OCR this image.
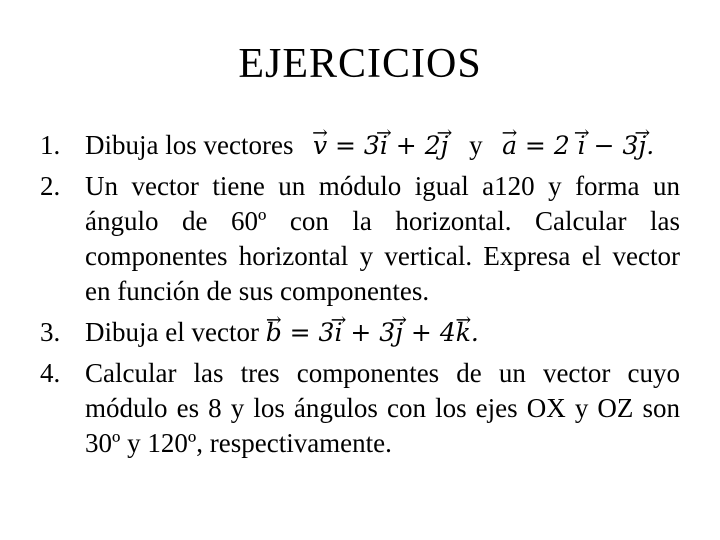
EJERCICIOS
1. Dibuja los vectores → v = 3→ i + 2→ j y → a = 2 → i − 3→ j.
2. Un vector tiene un módulo igual a120 y forma un ángulo de 60º con la horizontal. Calcular las componentes horizontal y vertical. Expresa el vector en función de sus componentes.
3. Dibuja el vector → b = 3→ i + 3→ j + 4→ k.
4. Calcular las tres componentes de un vector cuyo módulo es 8 y los ángulos con los ejes OX y OZ son 30º y 120º, respectivamente.
